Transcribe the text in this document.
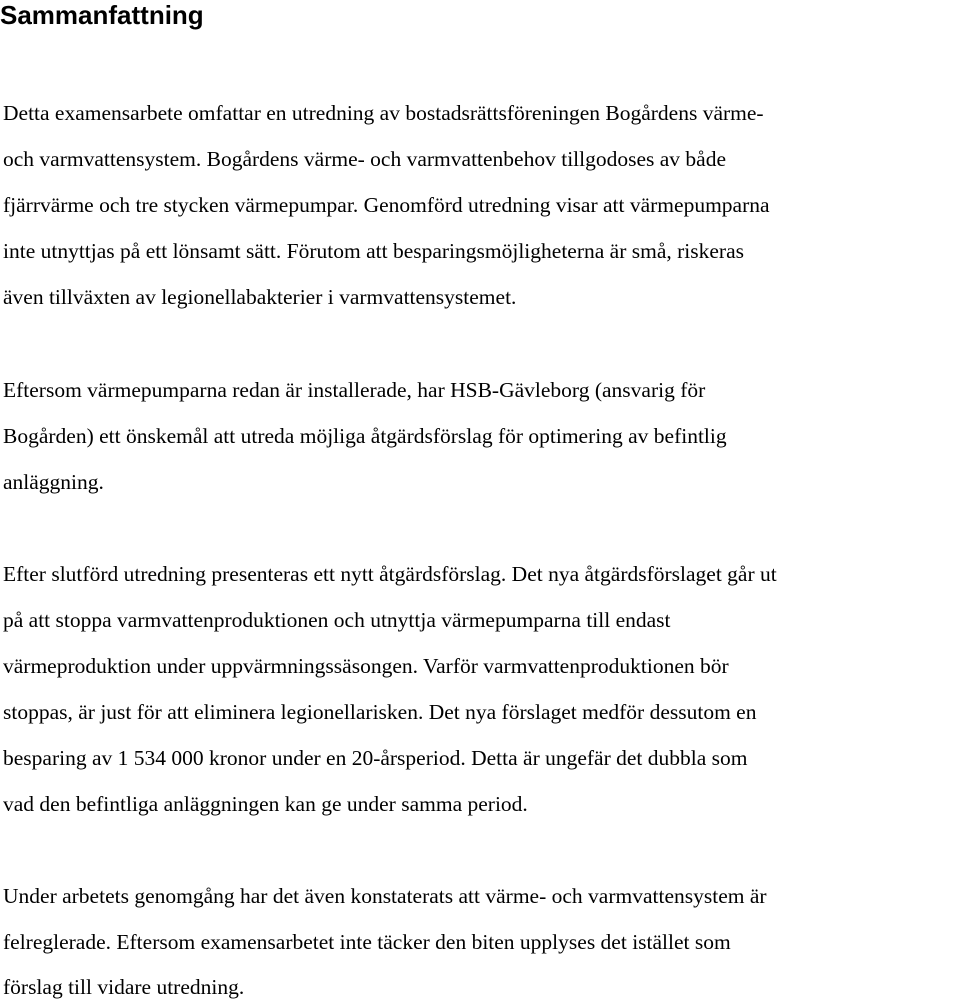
Sammanfattning

Detta examensarbete omfattar en utredning av bostadsrättsföreningen Bogårdens värme-

och varmvattensystem. Bogårdens värme- och varmvattenbehov tillgodoses av både

fjärrvärme och tre stycken värmepumpar. Genomförd utredning visar att värmepumparna

inte utnyttjas på ett lönsamt sätt. Förutom att besparingsmöjligheterna är små, riskeras

även tillväxten av legionellabakterier i varmvattensystemet.

Eftersom värmepumparna redan är installerade, har HSB-Gävleborg (ansvarig för

Bogården) ett önskemål att utreda möjliga åtgärdsförslag för optimering av befintlig

anläggning.

Efter slutförd utredning presenteras ett nytt åtgärdsförslag. Det nya åtgärdsförslaget går ut

på att stoppa varmvattenproduktionen och utnyttja värmepumparna till endast

värmeproduktion under uppvärmningssäsongen. Varför varmvattenproduktionen bör

stoppas, är just för att eliminera legionellarisken. Det nya förslaget medför dessutom en

besparing av 1 534 000 kronor under en 20-årsperiod. Detta är ungefär det dubbla som

vad den befintliga anläggningen kan ge under samma period.

Under arbetets genomgång har det även konstaterats att värme- och varmvattensystem är

felreglerade. Eftersom examensarbetet inte täcker den biten upplyses det istället som

förslag till vidare utredning.
